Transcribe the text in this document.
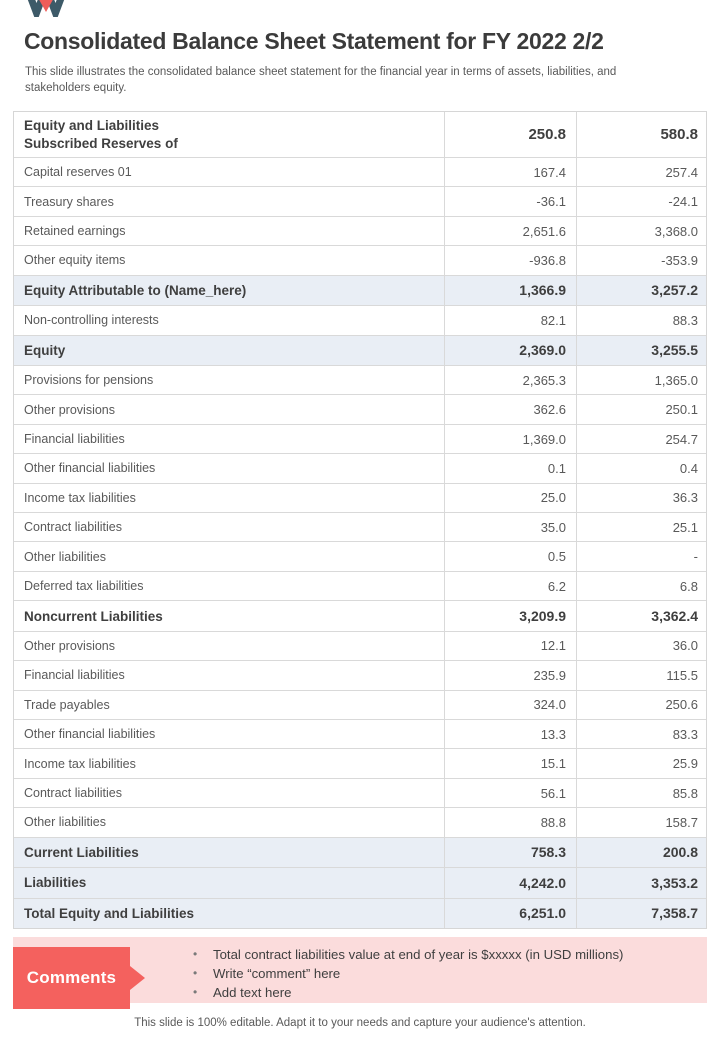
Consolidated Balance Sheet Statement for FY 2022 2/2

This slide illustrates the consolidated balance sheet statement for the financial year in terms of assets, liabilities, and stakeholders equity.

Equity and Liabilities
Subscribed Reserves of	250.8	580.8
Capital reserves 01	167.4	257.4
Treasury shares	-36.1	-24.1
Retained earnings	2,651.6	3,368.0
Other equity items	-936.8	-353.9
Equity Attributable to (Name_here)	1,366.9	3,257.2
Non-controlling interests	82.1	88.3
Equity	2,369.0	3,255.5
Provisions for pensions	2,365.3	1,365.0
Other provisions	362.6	250.1
Financial liabilities	1,369.0	254.7
Other financial liabilities	0.1	0.4
Income tax liabilities	25.0	36.3
Contract liabilities	35.0	25.1
Other liabilities	0.5	-
Deferred tax liabilities	6.2	6.8
Noncurrent Liabilities	3,209.9	3,362.4
Other provisions	12.1	36.0
Financial liabilities	235.9	115.5
Trade payables	324.0	250.6
Other financial liabilities	13.3	83.3
Income tax liabilities	15.1	25.9
Contract liabilities	56.1	85.8
Other liabilities	88.8	158.7
Current Liabilities	758.3	200.8
Liabilities	4,242.0	3,353.2
Total Equity and Liabilities	6,251.0	7,358.7
• Total contract liabilities value at end of year is $xxxxx (in USD millions)
• Write “comment” here
• Add text here
Comments
This slide is 100% editable. Adapt it to your needs and capture your audience's attention.
